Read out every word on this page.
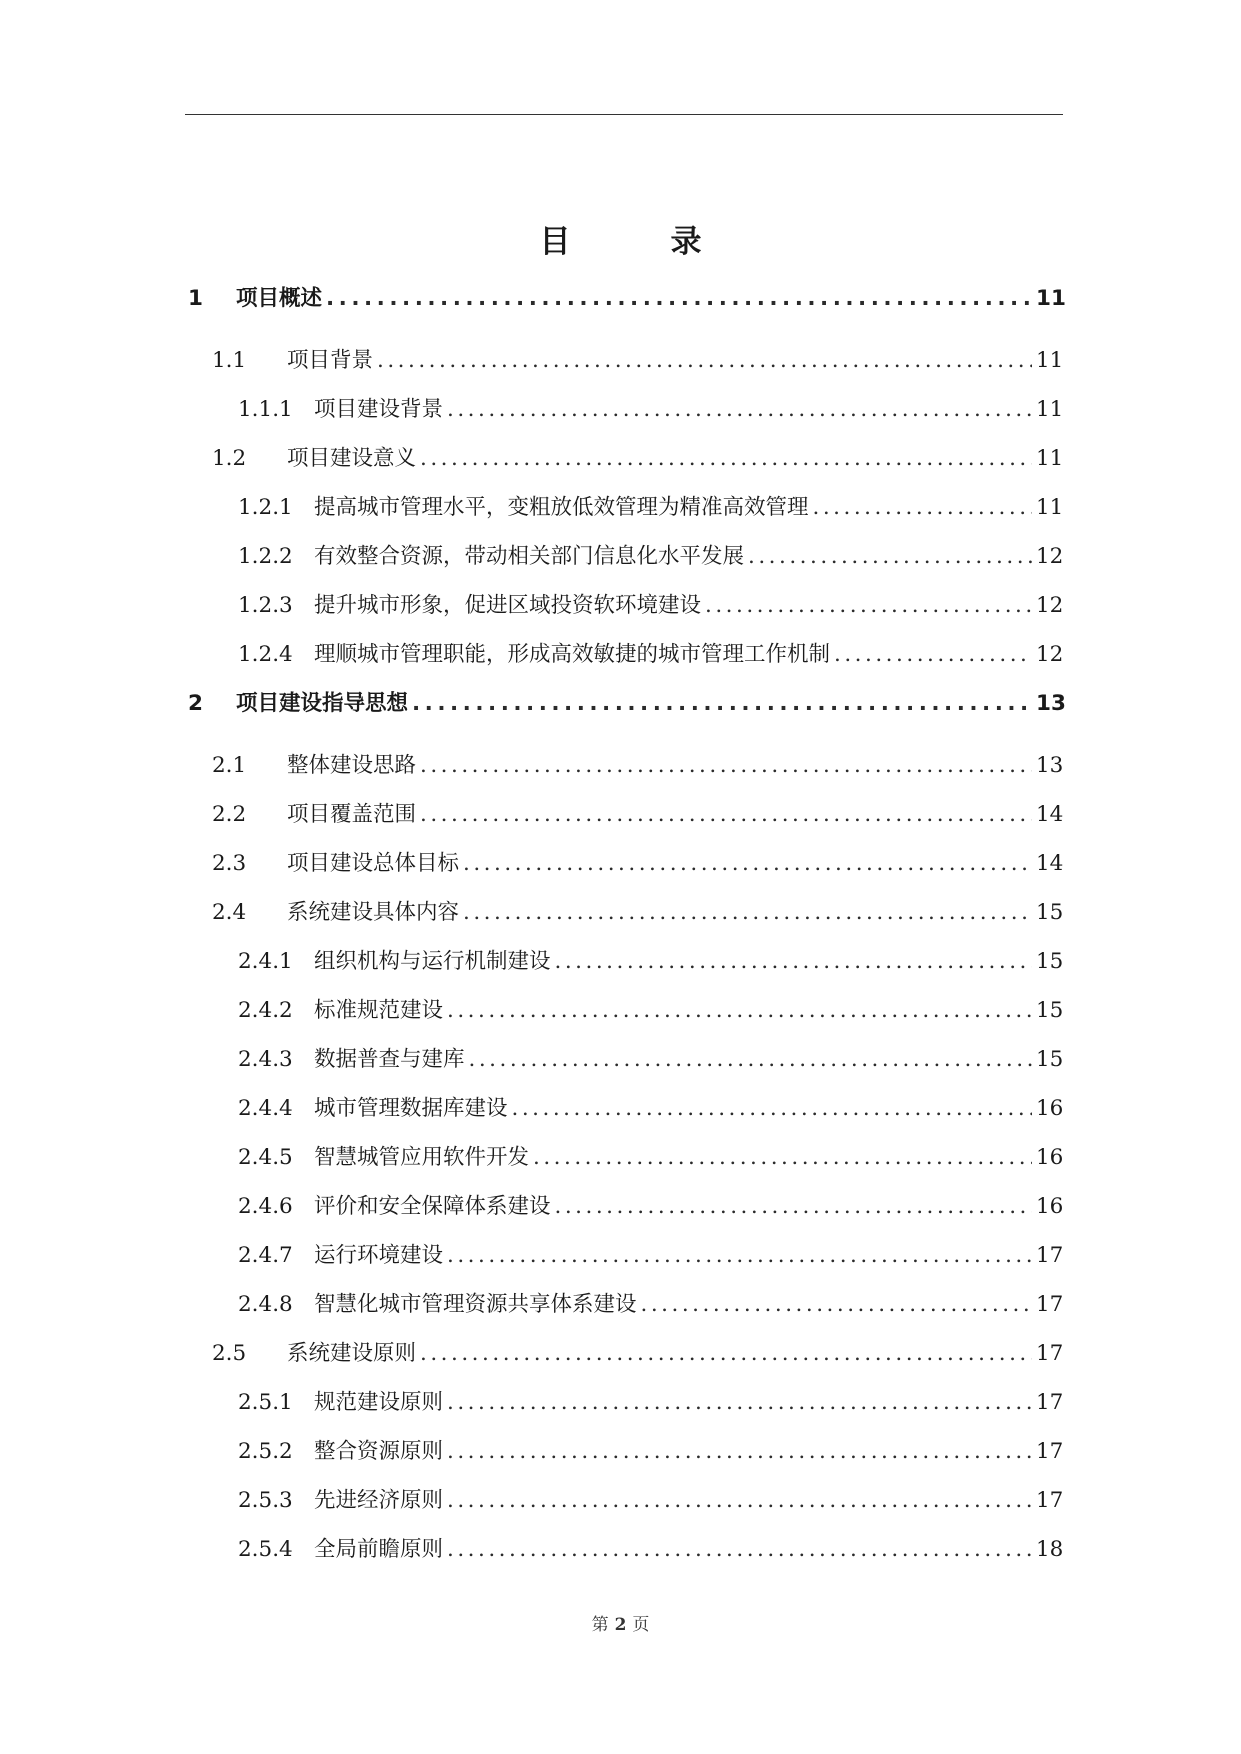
目	录
1	项目概述 .....	11
1.1	项目背景 .....	11
1.1.1 项目建设背景 .....	11
1.2	项目建设意义 .....	11
1.2.1 提高城市管理水平，变粗放低效管理为精准高效管理 .....	11
1.2.2 有效整合资源，带动相关部门信息化水平发展 .....	12
1.2.3 提升城市形象，促进区域投资软环境建设 .....	12
1.2.4 理顺城市管理职能，形成高效敏捷的城市管理工作机制 .....	12
2	项目建设指导思想 .....	13
2.1	整体建设思路 .....	13
2.2	项目覆盖范围 .....	14
2.3	项目建设总体目标 .....	14
2.4	系统建设具体内容 .....	15
2.4.1 组织机构与运行机制建设 .....	15
2.4.2 标准规范建设 .....	15
2.4.3 数据普查与建库 .....	15
2.4.4 城市管理数据库建设 .....	16
2.4.5 智慧城管应用软件开发 .....	16
2.4.6 评价和安全保障体系建设 .....	16
2.4.7 运行环境建设 .....	17
2.4.8 智慧化城市管理资源共享体系建设 .....	17
2.5	系统建设原则 .....	17
2.5.1 规范建设原则 .....	17
2.5.2 整合资源原则 .....	17
2.5.3 先进经济原则 .....	17
2.5.4 全局前瞻原则 .....	18
第 2 页
